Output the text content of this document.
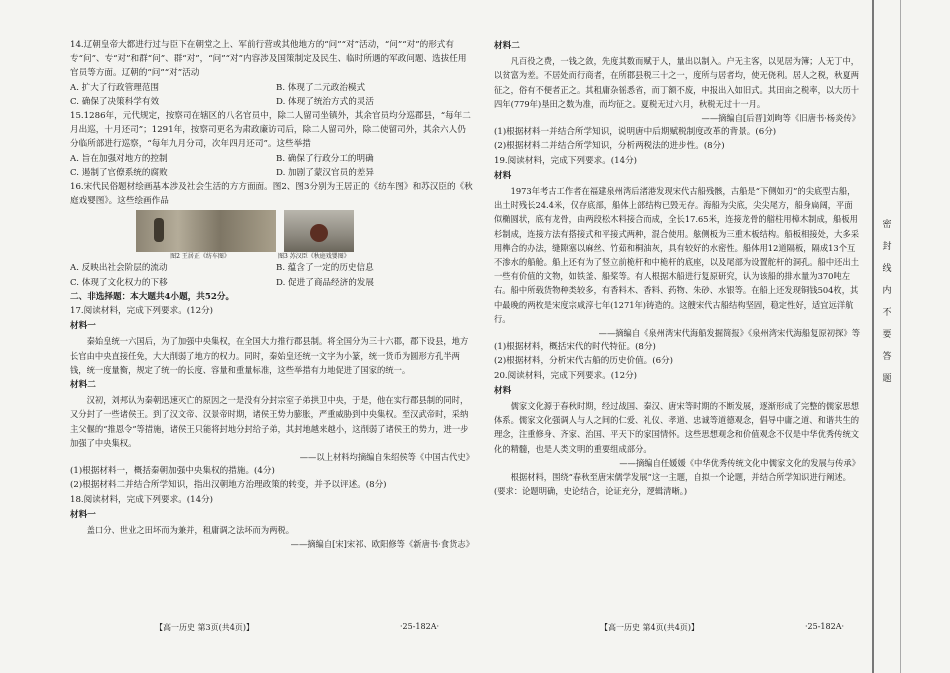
14.辽朝皇帝大都进行过与臣下在朝堂之上、军前行营或其他地方的“问”“对”活动，“问”“对”的形式有专“问”、专“对”和群“问”、群“对”，“问”“对”内容涉及国策制定及民生、临时所遇的军政问题、选拔任用官员等方面。辽朝的“问”“对”活动

A. 扩大了行政管理范围	B. 体现了二元政治模式
C. 确保了决策科学有效	D. 体现了统治方式的灵活

15.1286年，元代规定，按察司在辖区的八名官员中，除二人留司坐镇外，其余官员均分巡郡县，“每年二月出巡，十月还司”；1291年，按察司更名为肃政廉访司后，除二人留司外，除二使留司外，其余六人仍分临所部进行巡察，“每年九月分司，次年四月还司”。这些举措

A. 旨在加强对地方的控制	B. 确保了行政分工的明确
C. 遏制了官僚系统的腐败	D. 加剧了蒙汉官员的差异

16.宋代民俗题材绘画基本涉及社会生活的方方面面。图2、图3分别为王居正的《纺车图》和苏汉臣的《秋庭戏婴图》。这些绘画作品

图2 王居正《纺车图》	图3 苏汉臣《秋庭戏婴图》
A. 反映出社会阶层的流动	B. 蕴含了一定的历史信息
C. 体现了文化权力的下移	D. 促进了商品经济的发展

二、非选择题：本大题共4小题，共52分。

17.阅读材料，完成下列要求。(12分)

材料一

秦始皇统一六国后，为了加强中央集权，在全国大力推行郡县制。将全国分为三十六郡，郡下设县，地方长官由中央直接任免，大大削弱了地方的权力。同时，秦始皇还统一文字为小篆，统一货币为圆形方孔半两钱，统一度量衡，规定了统一的长度、容量和重量标准，这些举措有力地促进了国家的统一。

材料二

汉初，刘邦认为秦朝迅速灭亡的原因之一是没有分封宗室子弟拱卫中央，于是，他在实行郡县制的同时，又分封了一些诸侯王。到了汉文帝、汉景帝时期，诸侯王势力膨胀，严重威胁到中央集权。至汉武帝时，采纳主父偃的“推恩令”等措施，诸侯王只能将封地分封给子弟，其封地越来越小，这削弱了诸侯王的势力，进一步加强了中央集权。

——以上材料均摘编自朱绍侯等《中国古代史》

(1)根据材料一，概括秦朝加强中央集权的措施。(4分)

(2)根据材料二并结合所学知识，指出汉朝地方治理政策的转变，并予以评述。(8分)

18.阅读材料，完成下列要求。(14分)

材料一

盖口分、世业之田坏而为兼并，租庸调之法坏而为两税。

——摘编自[宋]宋祁、欧阳修等《新唐书·食货志》

【高一历史 第3页(共4页)】	·25-182A·

材料二

凡百役之费，一钱之敛，先度其数而赋于人，量出以制入。户无主客，以见居为簿；人无丁中，以贫富为差。不居处而行商者，在所郡县税三十之一，度所与居者均，使无侥利。居人之税，秋夏两征之，俗有不便者正之。其租庸杂徭悉省，而丁额不废，申报出入如旧式。其田亩之税率，以大历十四年(779年)垦田之数为准，而均征之。夏税无过六月，秋税无过十一月。

——摘编自[后晋]刘昫等《旧唐书·杨炎传》

(1)根据材料一并结合所学知识，说明唐中后期赋税制度改革的背景。(6分)

(2)根据材料二并结合所学知识，分析两税法的进步性。(8分)

19.阅读材料，完成下列要求。(14分)

材料

1973年考古工作者在福建泉州湾后渚港发现宋代古船残骸，古船是“下侧如刃”的尖底型古船，出土时残长24.4米，仅存底部，船体上部结构已毁无存。海船为尖底，尖尖尾方，船身扁阔，平面似椭圆状，底有龙骨，由两段松木料接合而成，全长17.65米，连接龙骨的艏柱用樟木制成，船板用杉制成，连接方法有搭接式和平接式两种，混合使用。舷侧板为三重木板结构。船板相接处，大多采用榫合的办法，缝隙塞以麻丝、竹茹和桐油灰，具有较好的水密性。船体用12道隔板，隔成13个互不渗水的船舱。船上还有为了竖立前桅杆和中桅杆的底座，以及尾部为设置舵杆的洞孔。船中还出土一些有价值的文物，如铁釜、船桨等。有人根据木船进行复原研究，认为该船的排水量为370吨左右。船中所载货物种类较多，有香料木、香料、药物、朱砂、水银等。在船上还发现铜钱504枚，其中最晚的两枚是宋度宗咸淳七年(1271年)铸造的。这艘宋代古船结构坚固，稳定性好，适宜远洋航行。

——摘编自《泉州湾宋代海船发掘简报》《泉州湾宋代海船复原初探》等

(1)根据材料，概括宋代的时代特征。(8分)

(2)根据材料，分析宋代古船的历史价值。(6分)

20.阅读材料，完成下列要求。(12分)

材料

儒家文化源于春秋时期，经过战国、秦汉、唐宋等时期的不断发展，逐渐形成了完整的儒家思想体系。儒家文化强调人与人之间的仁爱、礼仪、孝道、忠诚等道德观念，倡导中庸之道、和谐共生的理念，注重修身、齐家、治国、平天下的家国情怀。这些思想观念和价值观念不仅是中华优秀传统文化的精髓，也是人类文明的重要组成部分。

——摘编自任媛媛《中华优秀传统文化中儒家文化的发展与传承》

根据材料，围绕“春秋至唐宋儒学发展”这一主题，自拟一个论题，并结合所学知识进行阐述。(要求：论题明确，史论结合，论证充分，逻辑清晰。)

【高一历史 第4页(共4页)】	·25-182A·
密
封
线
内
不
要
答
题
